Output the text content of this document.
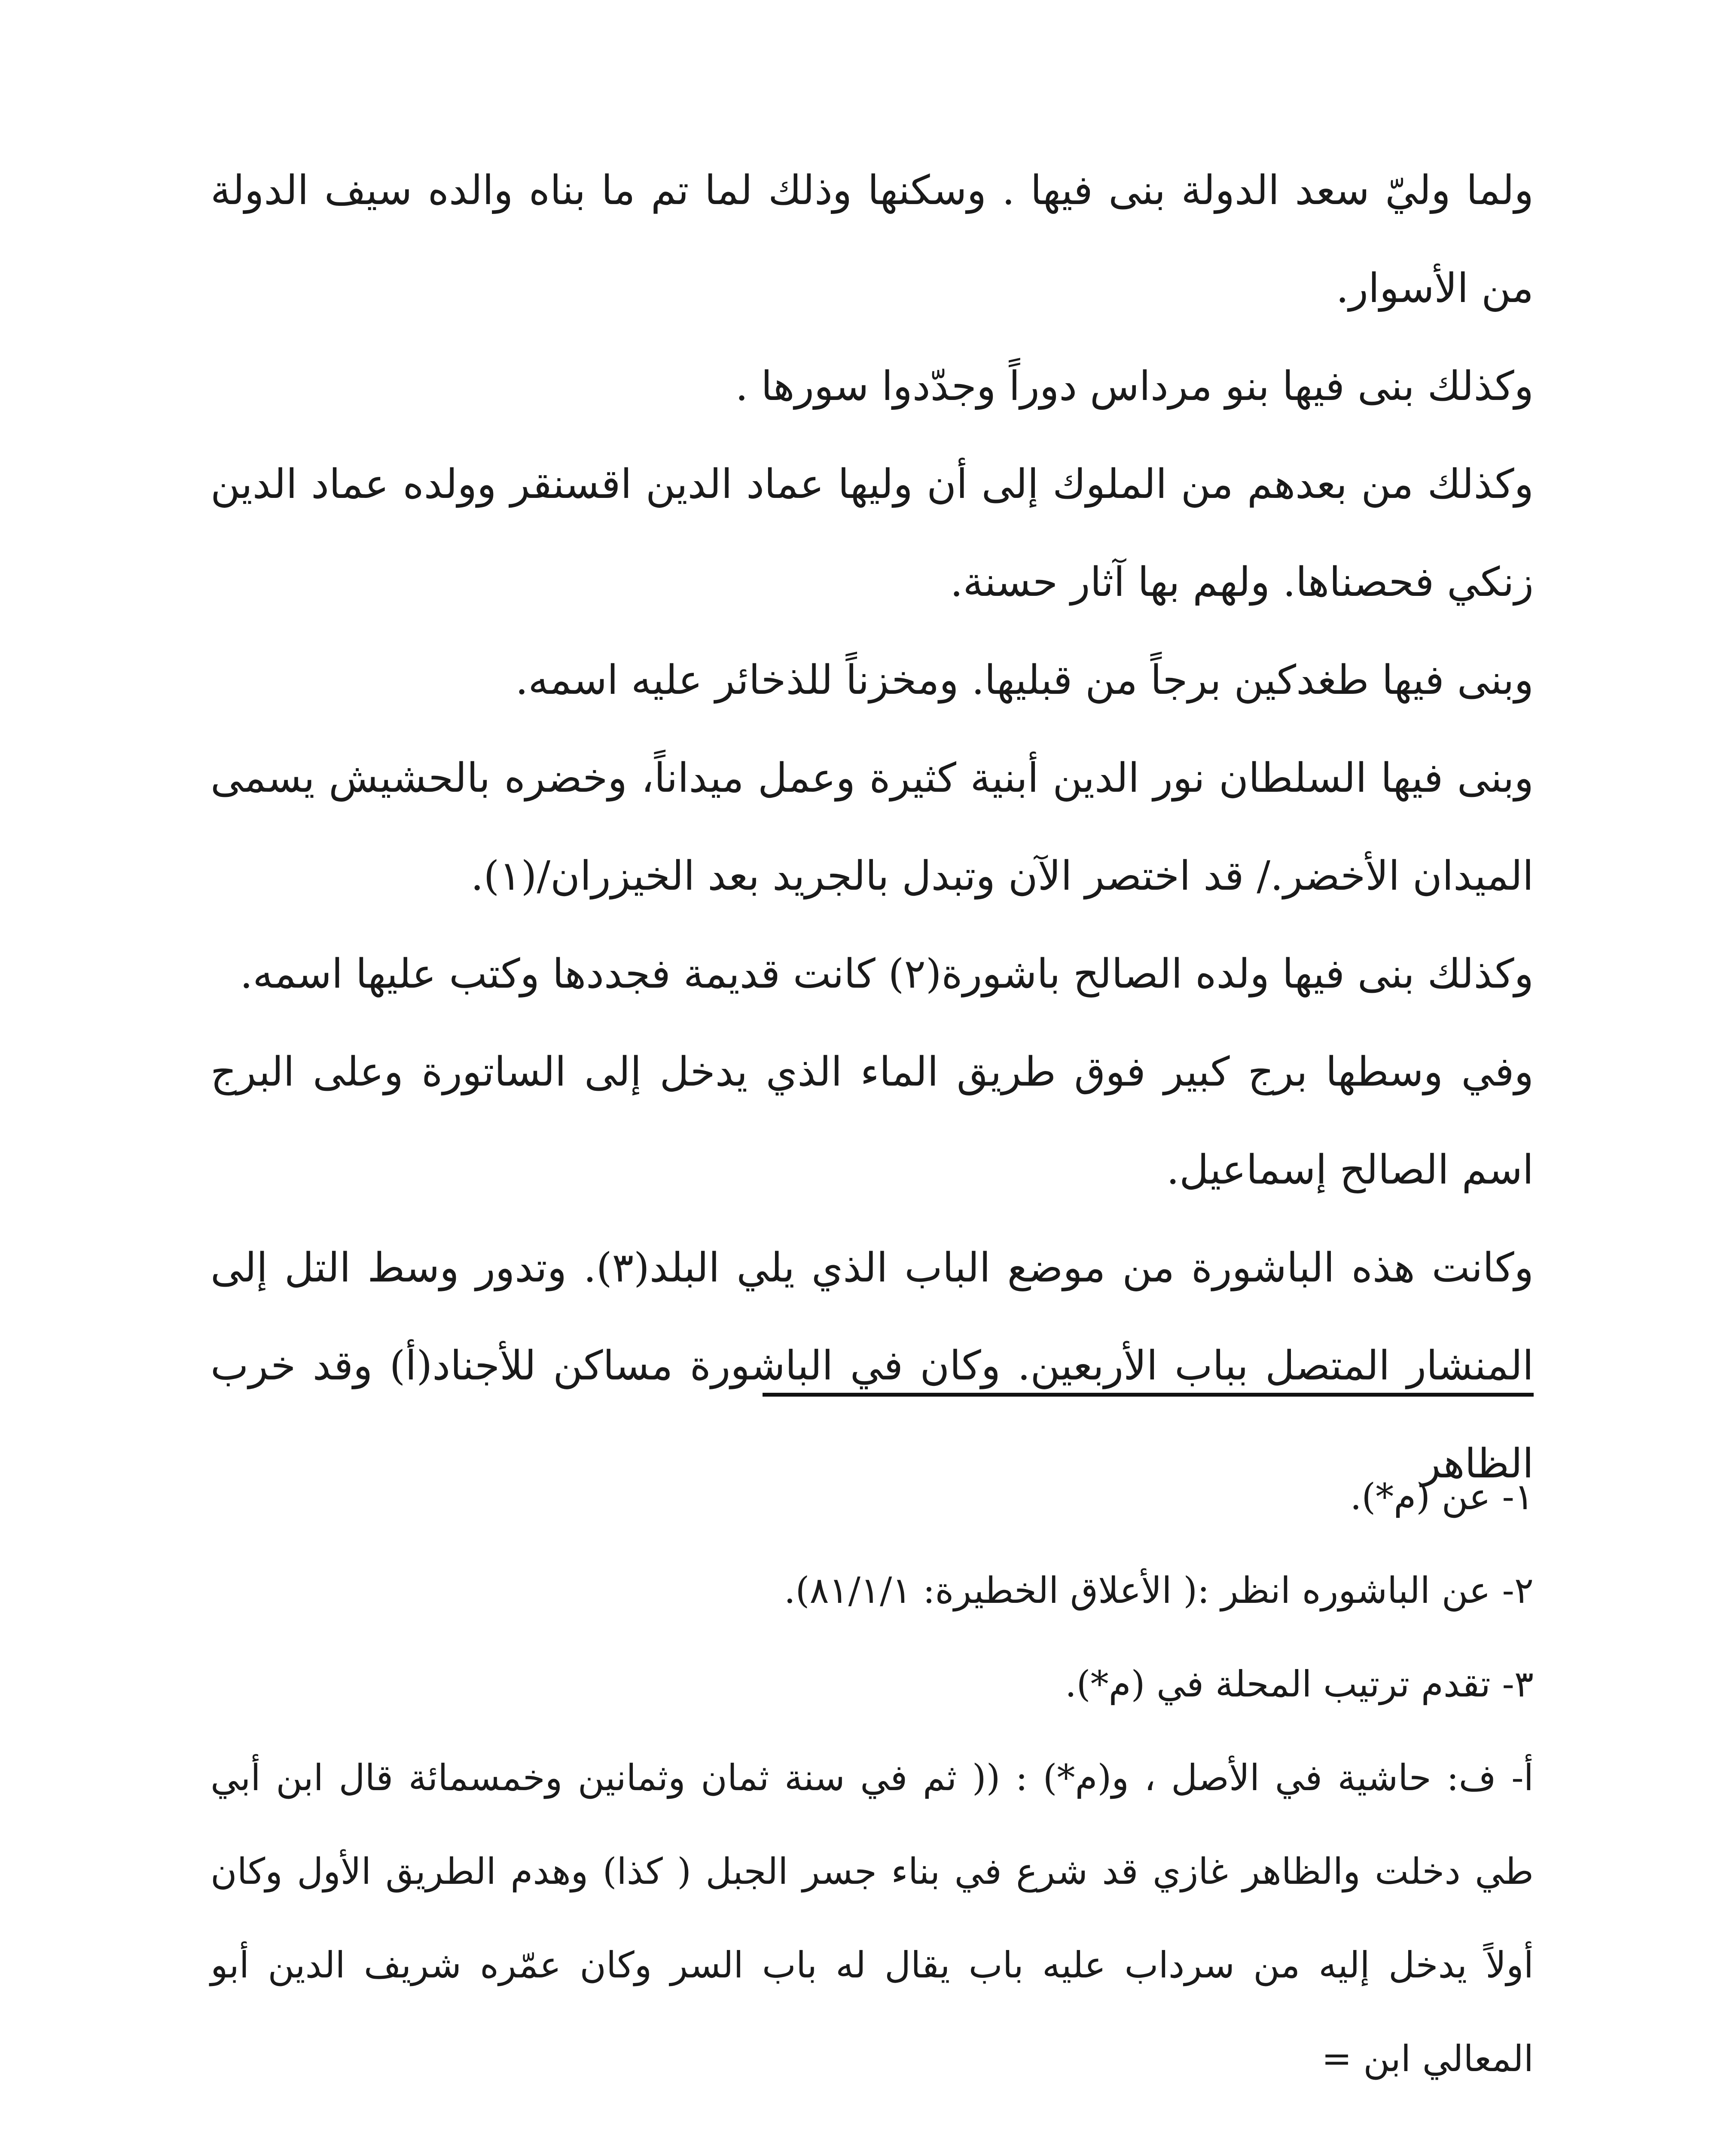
ولما وليّ سعد الدولة بنى فيها . وسكنها وذلك لما تم ما بناه والده سيف الدولة من الأسوار.

وكذلك بنى فيها بنو مرداس دوراً وجدّدوا سورها .

وكذلك من بعدهم من الملوك إلى أن وليها عماد الدين اقسنقر وولده عماد الدين زنكي فحصناها. ولهم بها آثار حسنة.

وبنى فيها طغدكين برجاً من قبليها. ومخزناً للذخائر عليه اسمه.

وبنى فيها السلطان نور الدين أبنية كثيرة وعمل ميداناً، وخضره بالحشيش يسمى الميدان الأخضر./ قد اختصر الآن وتبدل بالجريد بعد الخيزران/(١).

وكذلك بنى فيها ولده الصالح باشورة(٢) كانت قديمة فجددها وكتب عليها اسمه.

وفي وسطها برج كبير فوق طريق الماء الذي يدخل إلى الساتورة وعلى البرج اسم الصالح إسماعيل.

وكانت هذه الباشورة من موضع الباب الذي يلي البلد(٣). وتدور وسط التل إلى المنشار المتصل بباب الأربعين. وكان في الباشورة مساكن للأجناد(أ) وقد خرب الظاهر

١- عن (م*).

٢- عن الباشوره انظر :( الأعلاق الخطيرة: ٨١/١/١).

٣- تقدم ترتيب المحلة في (م*).

أ- ف: حاشية في الأصل ، و(م*) : (( ثم في سنة ثمان وثمانين وخمسمائة قال ابن أبي طي دخلت والظاهر غازي قد شرع في بناء جسر الجبل ( كذا) وهدم الطريق الأول وكان أولاً يدخل إليه من سرداب عليه باب يقال له باب السر وكان عمّره شريف الدين أبو المعالي ابن =
